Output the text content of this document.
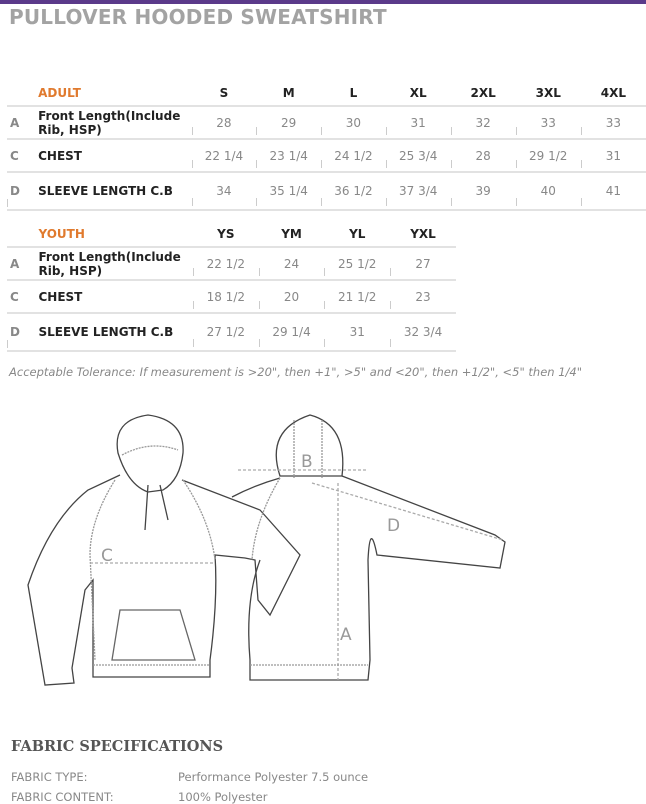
PULLOVER HOODED SWEATSHIRT
	ADULT	S	M	L	XL	2XL	3XL	4XL
A	Front Length(Include Rib, HSP)	28	29	30	31	32	33	33
C	CHEST	22 1/4	23 1/4	24 1/2	25 3/4	28	29 1/2	31
D	SLEEVE LENGTH C.B	34	35 1/4	36 1/2	37 3/4	39	40	41
	YOUTH	YS	YM	YL	YXL
A	Front Length(Include Rib, HSP)	22 1/2	24	25 1/2	27
C	CHEST	18 1/2	20	21 1/2	23
D	SLEEVE LENGTH C.B	27 1/2	29 1/4	31	32 3/4
Acceptable Tolerance: If measurement is >20", then +1", >5" and <20", then +1/2", <5" then 1/4"
C
B
D
A
FABRIC SPECIFICATIONS
FABRIC TYPE:	Performance Polyester 7.5 ounce
FABRIC CONTENT:	100% Polyester
